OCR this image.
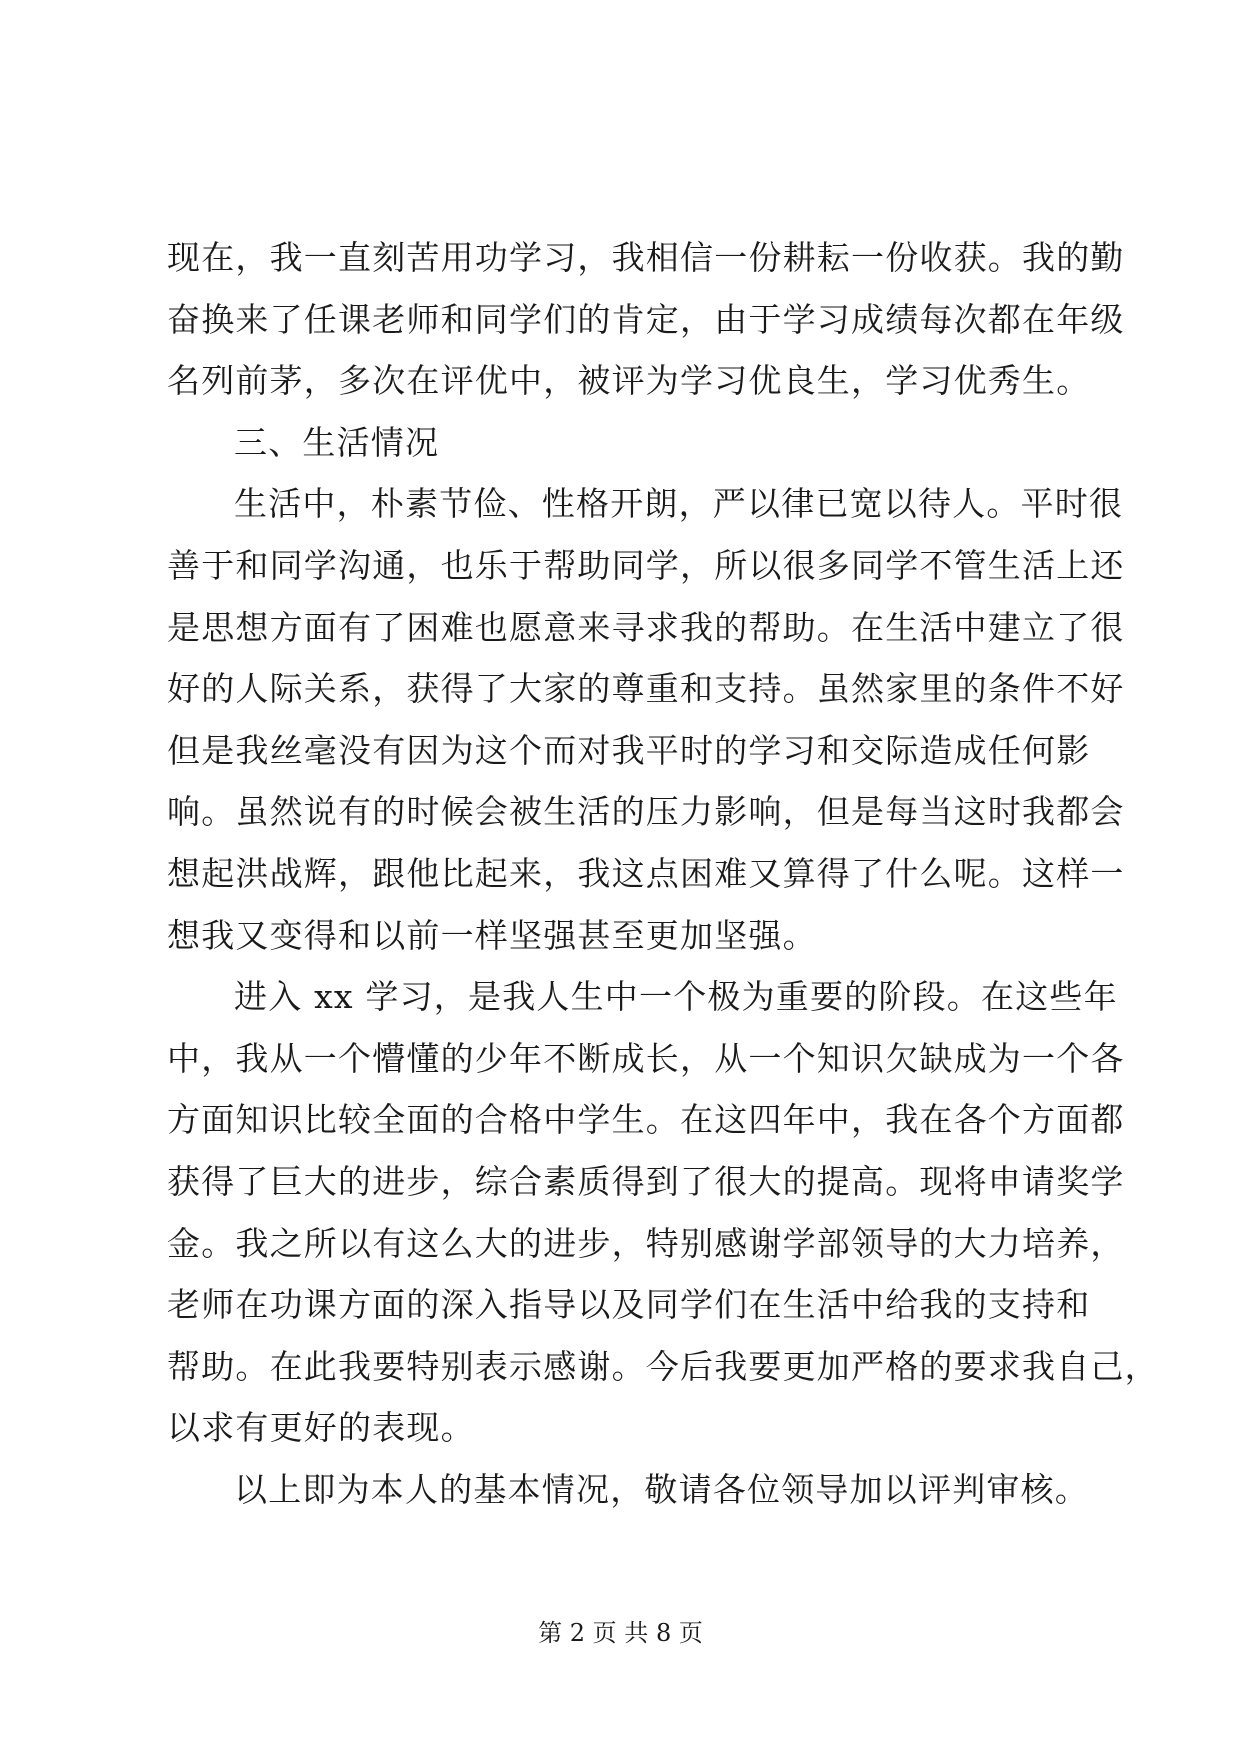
现在，我一直刻苦用功学习，我相信一份耕耘一份收获。我的勤
奋换来了任课老师和同学们的肯定，由于学习成绩每次都在年级
名列前茅，多次在评优中，被评为学习优良生，学习优秀生。
三、生活情况
生活中，朴素节俭、性格开朗，严以律已宽以待人。平时很
善于和同学沟通，也乐于帮助同学，所以很多同学不管生活上还
是思想方面有了困难也愿意来寻求我的帮助。在生活中建立了很
好的人际关系，获得了大家的尊重和支持。虽然家里的条件不好
但是我丝毫没有因为这个而对我平时的学习和交际造成任何影
响。虽然说有的时候会被生活的压力影响，但是每当这时我都会
想起洪战辉，跟他比起来，我这点困难又算得了什么呢。这样一
想我又变得和以前一样坚强甚至更加坚强。
进入 xx 学习，是我人生中一个极为重要的阶段。在这些年
中，我从一个懵懂的少年不断成长，从一个知识欠缺成为一个各
方面知识比较全面的合格中学生。在这四年中，我在各个方面都
获得了巨大的进步，综合素质得到了很大的提高。现将申请奖学
金。我之所以有这么大的进步，特别感谢学部领导的大力培养，
老师在功课方面的深入指导以及同学们在生活中给我的支持和
帮助。在此我要特别表示感谢。今后我要更加严格的要求我自己，
以求有更好的表现。
以上即为本人的基本情况，敬请各位领导加以评判审核。
第 2 页 共 8 页
